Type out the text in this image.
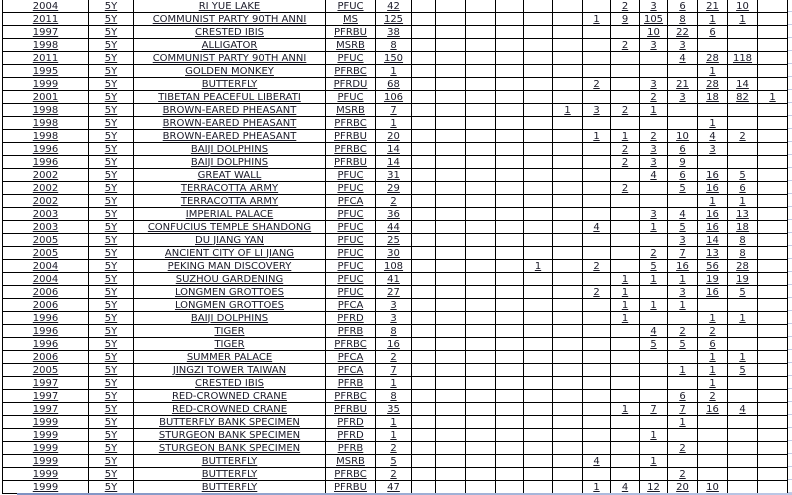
2004	5Y	RI YUE LAKE	PFUC	42								2	3	6	21	10	
2011	5Y	COMMUNIST PARTY 90TH ANNI	MS	125							1	9	105	8	1	1	
1997	5Y	CRESTED IBIS	PFRBU	38									10	22	6		
1998	5Y	ALLIGATOR	MSRB	8								2	3	3			
2011	5Y	COMMUNIST PARTY 90TH ANNI	PFUC	150										4	28	118	
1995	5Y	GOLDEN MONKEY	PFRBC	1											1		
1999	5Y	BUTTERFLY	PFRDU	68							2		3	21	28	14	
2001	5Y	TIBETAN PEACEFUL LIBERATI	PFUC	106									2	3	18	82	1
1998	5Y	BROWN-EARED PHEASANT	MSRB	7						1	3	2	1				
1998	5Y	BROWN-EARED PHEASANT	PFRBC	1											1		
1998	5Y	BROWN-EARED PHEASANT	PFRBU	20							1	1	2	10	4	2	
1996	5Y	BAIJI DOLPHINS	PFRBC	14								2	3	6	3		
1996	5Y	BAIJI DOLPHINS	PFRBU	14								2	3	9			
2002	5Y	GREAT WALL	PFUC	31									4	6	16	5	
2002	5Y	TERRACOTTA ARMY	PFUC	29								2		5	16	6	
2002	5Y	TERRACOTTA ARMY	PFCA	2											1	1	
2003	5Y	IMPERIAL PALACE	PFUC	36									3	4	16	13	
2003	5Y	CONFUCIUS TEMPLE SHANDONG	PFUC	44							4		1	5	16	18	
2005	5Y	DU JIANG YAN	PFUC	25										3	14	8	
2005	5Y	ANCIENT CITY OF LI JIANG	PFUC	30									2	7	13	8	
2004	5Y	PEKING MAN DISCOVERY	PFUC	108					1		2		5	16	56	28	
2004	5Y	SUZHOU GARDENING	PFUC	41								1	1	1	19	19	
2006	5Y	LONGMEN GROTTOES	PFUC	27							2	1		3	16	5	
2006	5Y	LONGMEN GROTTOES	PFCA	3								1	1	1			
1996	5Y	BAIJI DOLPHINS	PFRD	3								1			1	1	
1996	5Y	TIGER	PFRB	8									4	2	2		
1996	5Y	TIGER	PFRBC	16									5	5	6		
2006	5Y	SUMMER PALACE	PFCA	2											1	1	
2005	5Y	JINGZI TOWER TAIWAN	PFCA	7										1	1	5	
1997	5Y	CRESTED IBIS	PFRB	1											1		
1997	5Y	RED-CROWNED CRANE	PFRBC	8										6	2		
1997	5Y	RED-CROWNED CRANE	PFRBU	35								1	7	7	16	4	
1999	5Y	BUTTERFLY BANK SPECIMEN	PFRD	1										1			
1999	5Y	STURGEON BANK SPECIMEN	PFRD	1									1				
1999	5Y	STURGEON BANK SPECIMEN	PFRB	2										2			
1999	5Y	BUTTERFLY	MSRB	5							4		1				
1999	5Y	BUTTERFLY	PFRBC	2										2			
1999	5Y	BUTTERFLY	PFRBU	47							1	4	12	20	10		
